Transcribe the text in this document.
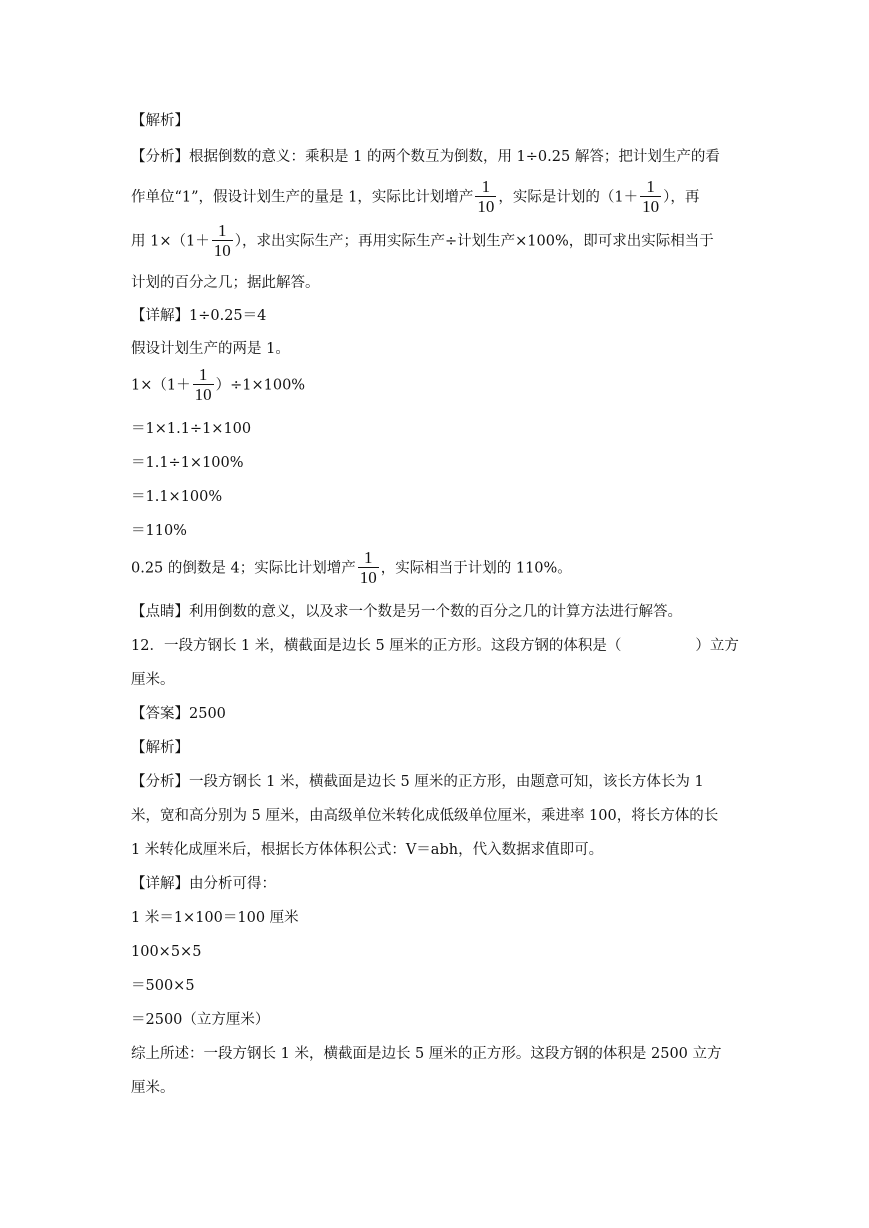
【解析】
【分析】根据倒数的意义：乘积是 1 的两个数互为倒数，用 1÷0.25 解答；把计划生产的看
作单位“1”，假设计划生产的量是 1，实际比计划增产 $\frac{1}{10}$ ，实际是计划的（$1+ \frac{1}{10}$ ），再
用 $1\times(1+ \frac{1}{10}$ ），求出实际生产；再用实际生产÷计划生产×100%，即可求出实际相当于
计划的百分之几；据此解答。
【详解】1÷0.25＝4
假设计划生产的两是 1。
$1\times(1+ \frac{1}{10} )\div 1\times 100\%$
＝1×1.1÷1×100
＝1.1÷1×100%
＝1.1×100%
＝110%
0.25 的倒数是 4；实际比计划增产 $\frac{1}{10}$ ，实际相当于计划的 110%。
【点睛】利用倒数的意义，以及求一个数是另一个数的百分之几的计算方法进行解答。
12．一段方钢长 1 米，横截面是边长 5 厘米的正方形。这段方钢的体积是（	）立方
厘米。
【答案】2500
【解析】
【分析】一段方钢长 1 米，横截面是边长 5 厘米的正方形，由题意可知，该长方体长为 1
米，宽和高分别为 5 厘米，由高级单位米转化成低级单位厘米，乘进率 100，将长方体的长
1 米转化成厘米后，根据长方体体积公式：V＝abh，代入数据求值即可。
【详解】由分析可得：
1 米＝1×100＝100 厘米
100×5×5
＝500×5
＝2500（立方厘米）
综上所述：一段方钢长 1 米，横截面是边长 5 厘米的正方形。这段方钢的体积是 2500 立方
厘米。
